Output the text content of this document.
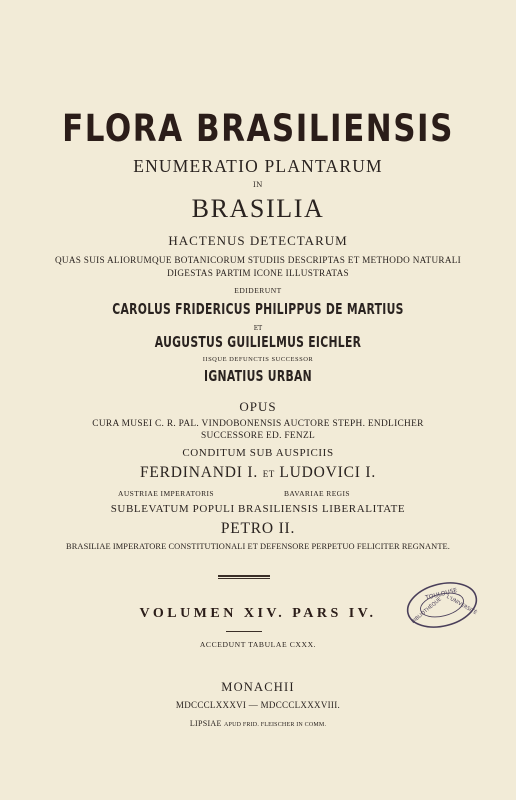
FLORA BRASILIENSIS
ENUMERATIO PLANTARUM
IN
BRASILIA
HACTENUS DETECTARUM
QUAS SUIS ALIORUMQUE BOTANICORUM STUDIIS DESCRIPTAS ET METHODO NATURALI
DIGESTAS PARTIM ICONE ILLUSTRATAS
EDIDERUNT
CAROLUS FRIDERICUS PHILIPPUS DE MARTIUS
ET
AUGUSTUS GUILIELMUS EICHLER
IISQUE DEFUNCTIS SUCCESSOR
IGNATIUS URBAN
OPUS
CURA MUSEI C. R. PAL. VINDOBONENSIS AUCTORE STEPH. ENDLICHER
SUCCESSORE ED. FENZL
CONDITUM SUB AUSPICIIS
FERDINANDI I. ET LUDOVICI I.
AUSTRIAE IMPERATORIS	BAVARIAE REGIS
SUBLEVATUM POPULI BRASILIENSIS LIBERALITATE
PETRO II.
BRASILIAE IMPERATORE CONSTITUTIONALI ET DEFENSORE PERPETUO FELICITER REGNANTE.
VOLUMEN XIV. PARS IV.
ACCEDUNT TABULAE CXXX.
MONACHII
MDCCCLXXXVI — MDCCCLXXXVIII.
LIPSIAE APUD FRID. FLEISCHER IN COMM.
TOULOUSE
BIBLIOTHÈQUE L'UNIVERSITÉ
